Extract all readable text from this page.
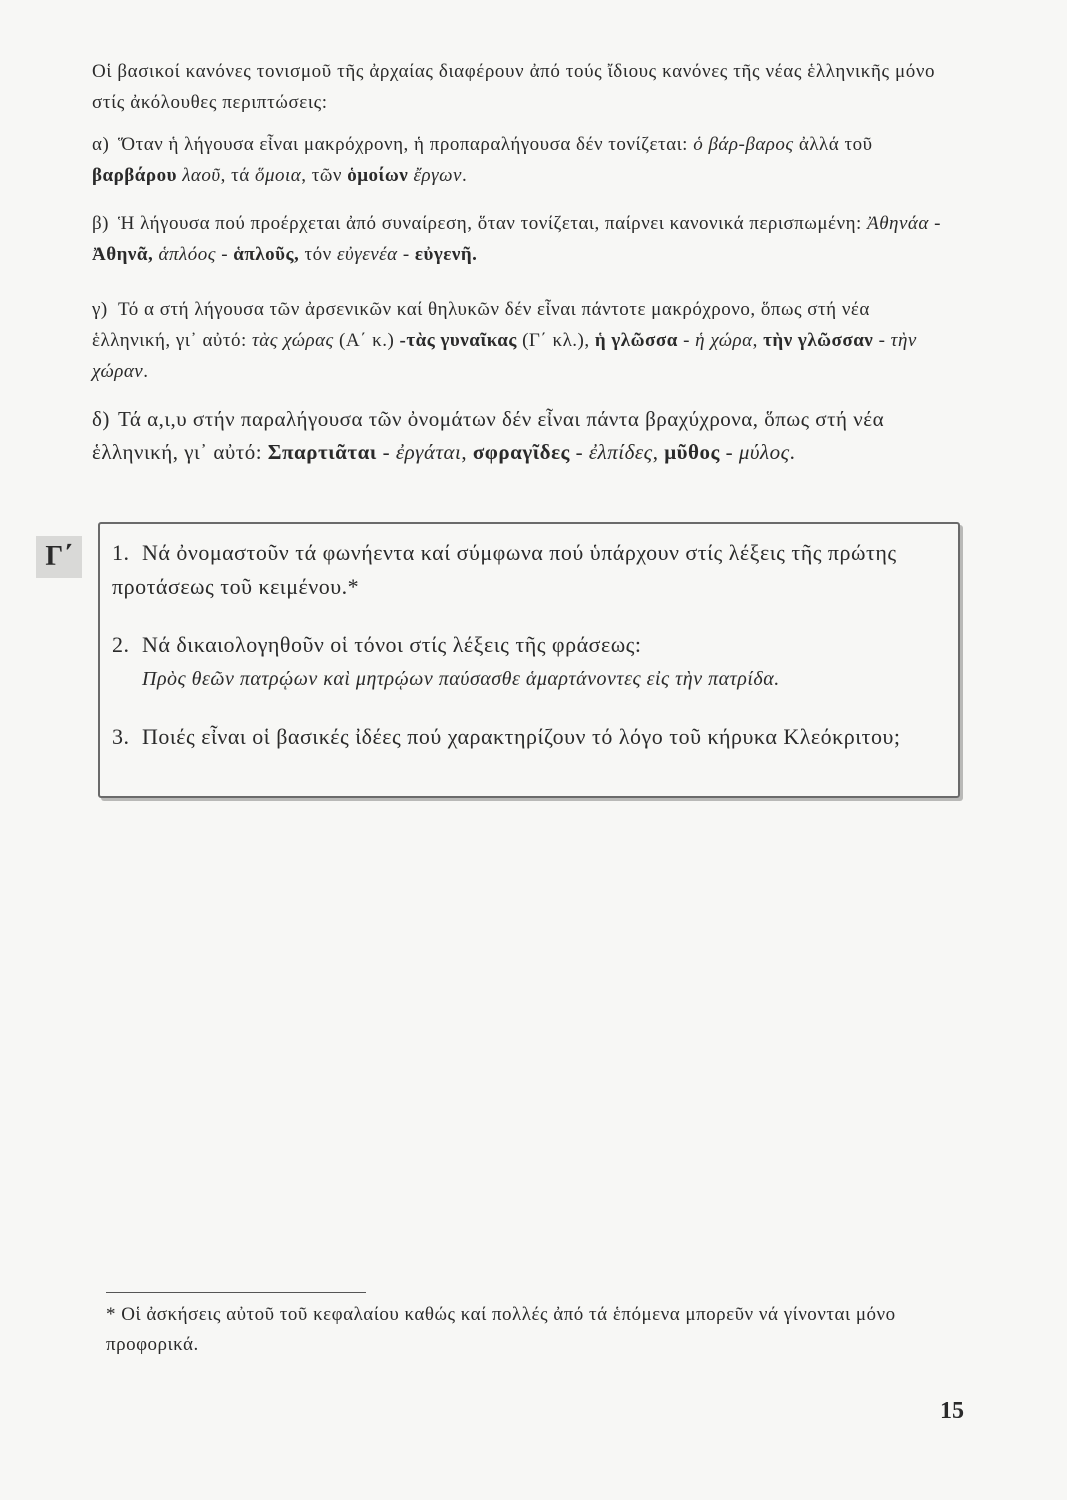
Οἱ βασικοί κανόνες τονισμοῦ τῆς ἀρχαίας διαφέρουν ἀπό τούς ἴδιους κανόνες τῆς νέας ἑλληνικῆς μόνο στίς ἀκόλουθες περιπτώσεις:
α) Ὅταν ἡ λήγουσα εἶναι μακρόχρονη, ἡ προπαραλήγουσα δέν τονίζεται: ὁ βάρ-βαρος ἀλλά τοῦ βαρβάρου λαοῦ, τά ὅμοια, τῶν ὁμοίων ἔργων.
β) Ἡ λήγουσα πού προέρχεται ἀπό συναίρεση, ὅταν τονίζεται, παίρνει κανονικά περισπωμένη: Ἀθηνάα - Ἀθηνᾶ, ἁπλόος - ἁπλοῦς, τόν εὐγενέα - εὐγενῆ.
γ) Τό α στή λήγουσα τῶν ἀρσενικῶν καί θηλυκῶν δέν εἶναι πάντοτε μακρόχρονο, ὅπως στή νέα ἑλληνική, γι᾿ αὐτό: τὰς χώρας (Α΄ κ.) -τὰς γυναῖκας (Γ΄ κλ.), ἡ γλῶσσα - ἡ χώρα, τὴν γλῶσσαν - τὴν χώραν.
δ) Τά α,ι,υ στήν παραλήγουσα τῶν ὀνομάτων δέν εἶναι πάντα βραχύχρονα, ὅπως στή νέα ἑλληνική, γι᾿ αὐτό: Σπαρτιᾶται - ἐργάται, σφραγῖδες - ἐλπίδες, μῦθος - μύλος.
Γ΄	1. Νά ὀνομαστοῦν τά φωνήεντα καί σύμφωνα πού ὑπάρχουν στίς λέξεις τῆς πρώτης προτάσεως τοῦ κειμένου.*
2. Νά δικαιολογηθοῦν οἱ τόνοι στίς λέξεις τῆς φράσεως:
Πρὸς θεῶν πατρῴων καὶ μητρῴων παύσασθε ἁμαρτάνοντες εἰς τὴν πατρίδα.
3. Ποιές εἶναι οἱ βασικές ἰδέες πού χαρακτηρίζουν τό λόγο τοῦ κήρυκα Κλεόκριτου;
* Οἱ ἀσκήσεις αὐτοῦ τοῦ κεφαλαίου καθώς καί πολλές ἀπό τά ἑπόμενα μπορεῦν νά γίνονται μόνο προφορικά.
15
